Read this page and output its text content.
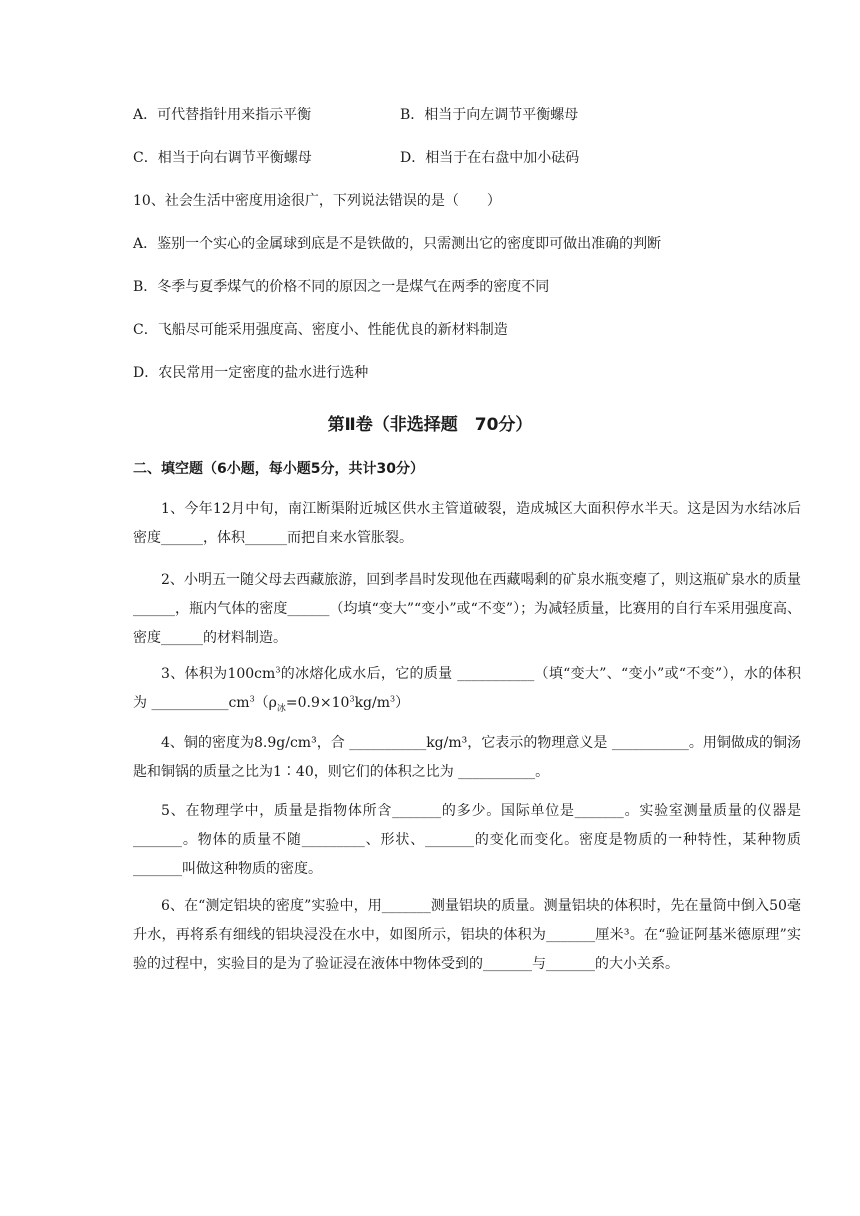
A．可代替指针用来指示平衡	B．相当于向左调节平衡螺母
C．相当于向右调节平衡螺母	D．相当于在右盘中加小砝码
10、社会生活中密度用途很广，下列说法错误的是（　　）
A．鉴别一个实心的金属球到底是不是铁做的，只需测出它的密度即可做出准确的判断
B．冬季与夏季煤气的价格不同的原因之一是煤气在两季的密度不同
C．飞船尽可能采用强度高、密度小、性能优良的新材料制造
D．农民常用一定密度的盐水进行选种
第Ⅱ卷（非选择题　70分）
二、填空题（6小题，每小题5分，共计30分）
1、今年12月中旬，南江断渠附近城区供水主管道破裂，造成城区大面积停水半天。这是因为水结冰后密度______，体积______而把自来水管胀裂。
2、小明五一随父母去西藏旅游，回到孝昌时发现他在西藏喝剩的矿泉水瓶变瘪了，则这瓶矿泉水的质量______，瓶内气体的密度______（均填“变大”“变小”或“不变”）；为减轻质量，比赛用的自行车采用强度高、密度______的材料制造。
3、体积为$100cm^3$的冰熔化成水后，它的质量 ___________（填“变大”、“变小”或“不变”），水的体积为 $\_\_\_\_\_\_\_\_\_\_\_cm^3(\rho_冰=0.9\times 10^3kg/m^3)$
4、铜的密度为8.9g/cm³，合 ___________kg/m³，它表示的物理意义是 ___________。用铜做成的铜汤匙和铜锅的质量之比为1∶40，则它们的体积之比为 ___________。
5、在物理学中，质量是指物体所含_______的多少。国际单位是_______。实验室测量质量的仪器是_______。物体的质量不随_________、形状、_______的变化而变化。密度是物质的一种特性，某种物质_______叫做这种物质的密度。
6、在“测定铝块的密度”实验中，用_______测量铝块的质量。测量铝块的体积时，先在量筒中倒入50毫升水，再将系有细线的铝块浸没在水中，如图所示，铝块的体积为_______厘米³。在“验证阿基米德原理”实验的过程中，实验目的是为了验证浸在液体中物体受到的_______与_______的大小关系。
